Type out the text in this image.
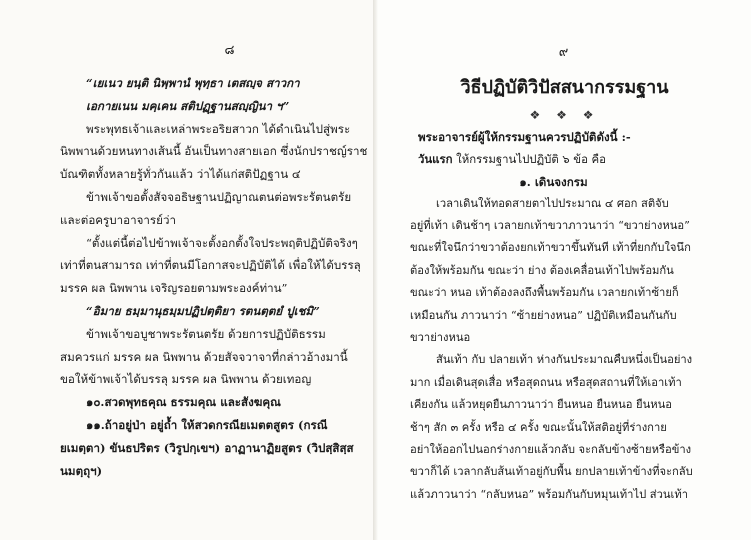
๘

“เยเนว ยนฺติ นิพฺพานํ พุทฺธา เตสญฺจ สาวกา

เอกายเนน มคฺเคน สติปฏฺฐานสญฺญินา ฯ”

พระพุทธเจ้าและเหล่าพระอริยสาวก ได้ดำเนินไปสู่พระ

นิพพานด้วยหนทางเส้นนี้ อันเป็นทางสายเอก ซึ่งนักปราชญ์ราช

บัณฑิตทั้งหลายรู้ทั่วกันแล้ว ว่าได้แก่สติปัฏฐาน ๔

ข้าพเจ้าขอตั้งสัจจอธิษฐานปฏิญาณตนต่อพระรัตนตรัย

และต่อครูบาอาจารย์ว่า

“ตั้งแต่นี้ต่อไปข้าพเจ้าจะตั้งอกตั้งใจประพฤติปฏิบัติจริงๆ

เท่าที่ตนสามารถ เท่าที่ตนมีโอกาสจะปฏิบัติได้ เพื่อให้ได้บรรลุ

มรรค ผล นิพพาน เจริญรอยตามพระองค์ท่าน”

“อิมาย ธมฺมานุธมฺมปฏิปตฺติยา รตนตฺตยํ ปูเชมิ”

ข้าพเจ้าขอบูชาพระรัตนตรัย ด้วยการปฏิบัติธรรม

สมควรแก่ มรรค ผล นิพพาน ด้วยสัจจวาจาที่กล่าวอ้างมานี้

ขอให้ข้าพเจ้าได้บรรลุ มรรค ผล นิพพาน ด้วยเทอญ

๑๐.สวดพุทธคุณ ธรรมคุณ และสังฆคุณ

๑๑.ถ้าอยู่ป่า อยู่ถ้ำ ให้สวดกรณียเมตตสูตร (กรณี

ยเมตฺตา) ขันธปริตร (วิรูปกฺเขฯ) อาฏานาฏิยสูตร (วิปสฺสิสฺส

นมตฺถุฯ)

๙
วิธีปฏิบัติวิปัสสนากรรมฐาน
❖ ❖ ❖

พระอาจารย์ผู้ให้กรรมฐานควรปฏิบัติดังนี้ :-

วันแรก ให้กรรมฐานไปปฏิบัติ ๖ ข้อ คือ

๑. เดินจงกรม

เวลาเดินให้ทอดสายตาไปประมาณ ๔ ศอก สติจับ

อยู่ที่เท้า เดินช้าๆ เวลายกเท้าขวาภาวนาว่า “ขวาย่างหนอ”

ขณะที่ใจนึกว่าขวาต้องยกเท้าขวาขึ้นทันที เท้าที่ยกกับใจนึก

ต้องให้พร้อมกัน ขณะว่า ย่าง ต้องเคลื่อนเท้าไปพร้อมกัน

ขณะว่า หนอ เท้าต้องลงถึงพื้นพร้อมกัน เวลายกเท้าซ้ายก็

เหมือนกัน ภาวนาว่า “ซ้ายย่างหนอ” ปฏิบัติเหมือนกันกับ

ขวาย่างหนอ

สันเท้า กับ ปลายเท้า ห่างกันประมาณคืบหนึ่งเป็นอย่าง

มาก เมื่อเดินสุดเสื่อ หรือสุดถนน หรือสุดสถานที่ให้เอาเท้า

เคียงกัน แล้วหยุดยืนภาวนาว่า ยืนหนอ ยืนหนอ ยืนหนอ

ช้าๆ สัก ๓ ครั้ง หรือ ๔ ครั้ง ขณะนั้นให้สติอยู่ที่ร่างกาย

อย่าให้ออกไปนอกร่างกายแล้วกลับ จะกลับข้างซ้ายหรือข้าง

ขวาก็ได้ เวลากลับส้นเท้าอยู่กับพื้น ยกปลายเท้าข้างที่จะกลับ

แล้วภาวนาว่า “กลับหนอ” พร้อมกันกับหมุนเท้าไป ส่วนเท้า
